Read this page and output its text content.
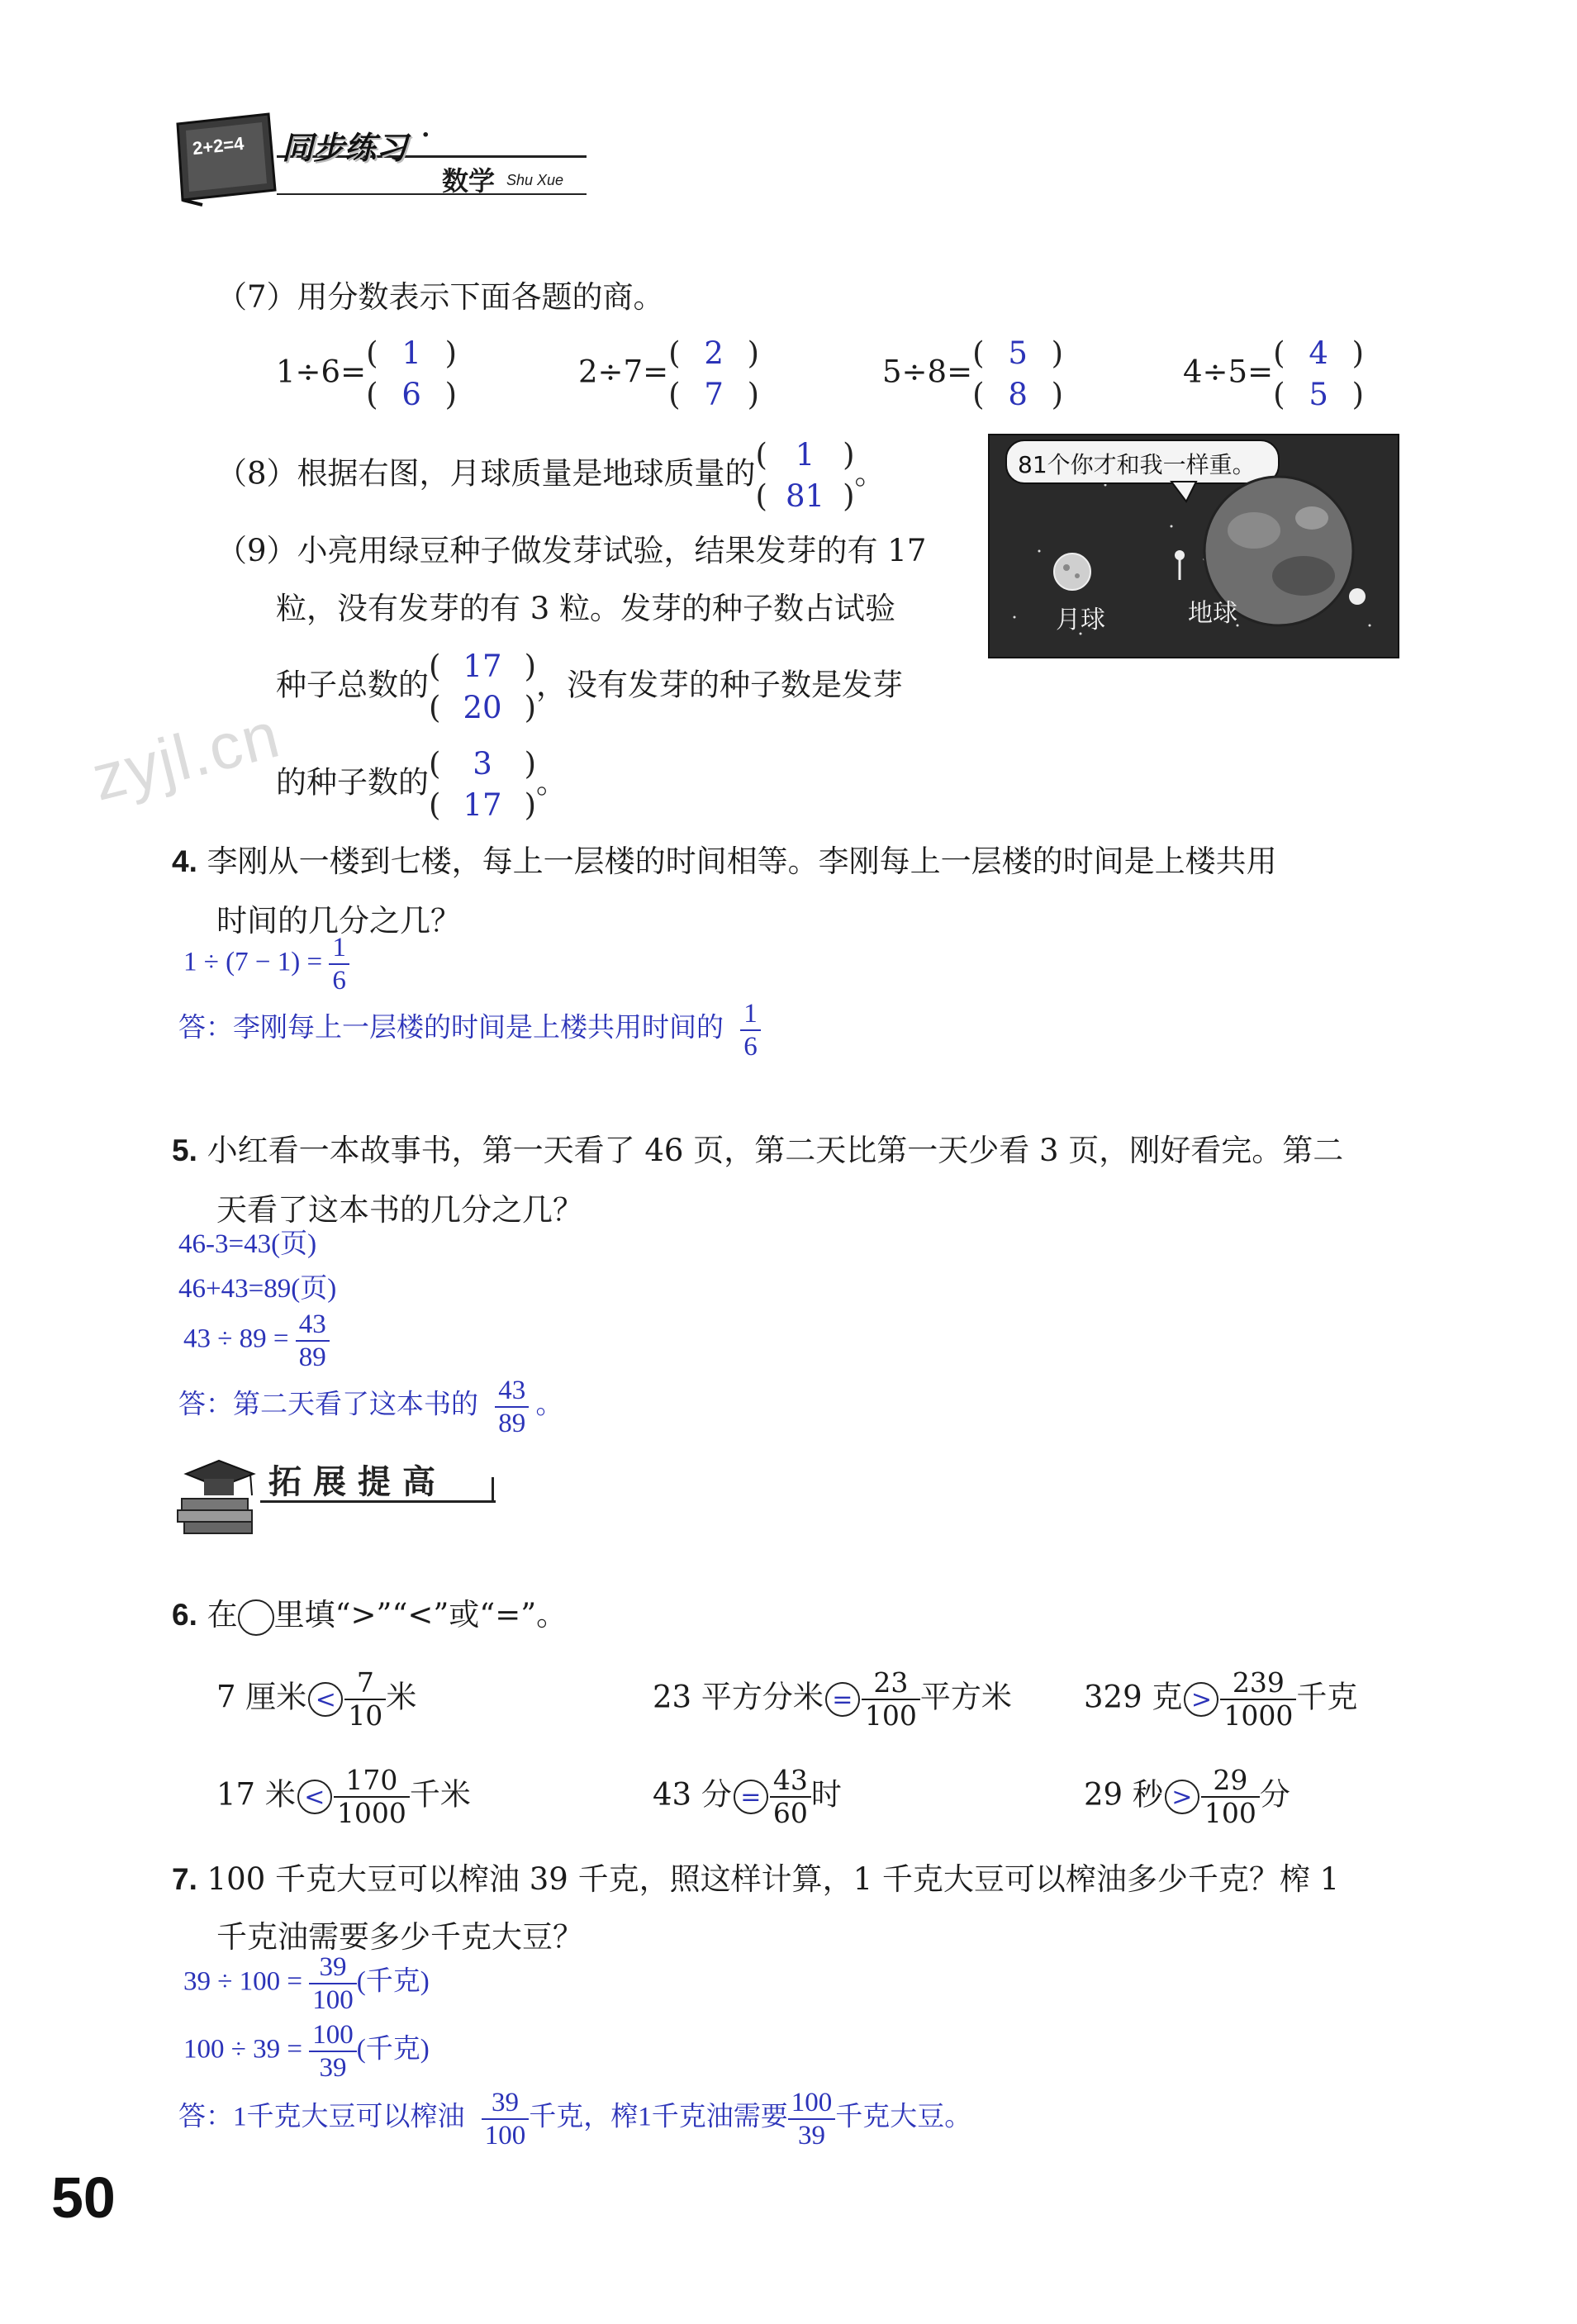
2+2=4 同步练习 ·
数学 Shu Xue
（7）用分数表示下面各题的商。
1÷6=
( 1 )
( 6 )
2÷7=
( 2 )
( 7 )
5÷8=
( 5 )
( 8 )
4÷5=
( 4 )
( 5 )
（8）根据右图，月球质量是地球质量的
( 1 )
( 81 )
。	81个你才和我一样重。
月球	地球
（9）小亮用绿豆种子做发芽试验，结果发芽的有 17
粒，没有发芽的有 3 粒。发芽的种子数占试验
种子总数的
( 17 )
( 20 )
，没有发芽的种子数是发芽
的种子数的
( 3 )
( 17 )
。
zyjl.cn
4. 李刚从一楼到七楼，每上一层楼的时间相等。李刚每上一层楼的时间是上楼共用
时间的几分之几？
$1 \div (7 - 1) = \frac{1}{6}$
答：李刚每上一层楼的时间是上楼共用时间的 $\frac{1}{6}$
5. 小红看一本故事书，第一天看了 46 页，第二天比第一天少看 3 页，刚好看完。第二
天看了这本书的几分之几？
46-3=43(页)
46+43=89(页)
$43 \div 89 = \frac{43}{89}$
答：第二天看了这本书的 $\frac{43}{89}$ 。
拓展提高
6. 在 里填“>”“<”或“=”。
7 厘米 < $\frac{7}{10}$ 米	23 平方分米 = $\frac{23}{100}$ 平方米 329 克 > $\frac{239}{1000}$ 千克
17 米 < $\frac{170}{1000}$ 千米	43 分 = $\frac{43}{60}$ 时	29 秒 > $\frac{29}{100}$ 分
7. 100 千克大豆可以榨油 39 千克，照这样计算，1 千克大豆可以榨油多少千克？榨 1
千克油需要多少千克大豆？
$39 \div 100 = \frac{39}{100}$ (千克)
$100 \div 39 = \frac{100}{39}$ (千克)
答：1千克大豆可以榨油 $\frac{39}{100}$ 千克，榨1千克油需要 $\frac{100}{39}$ 千克大豆。
50
